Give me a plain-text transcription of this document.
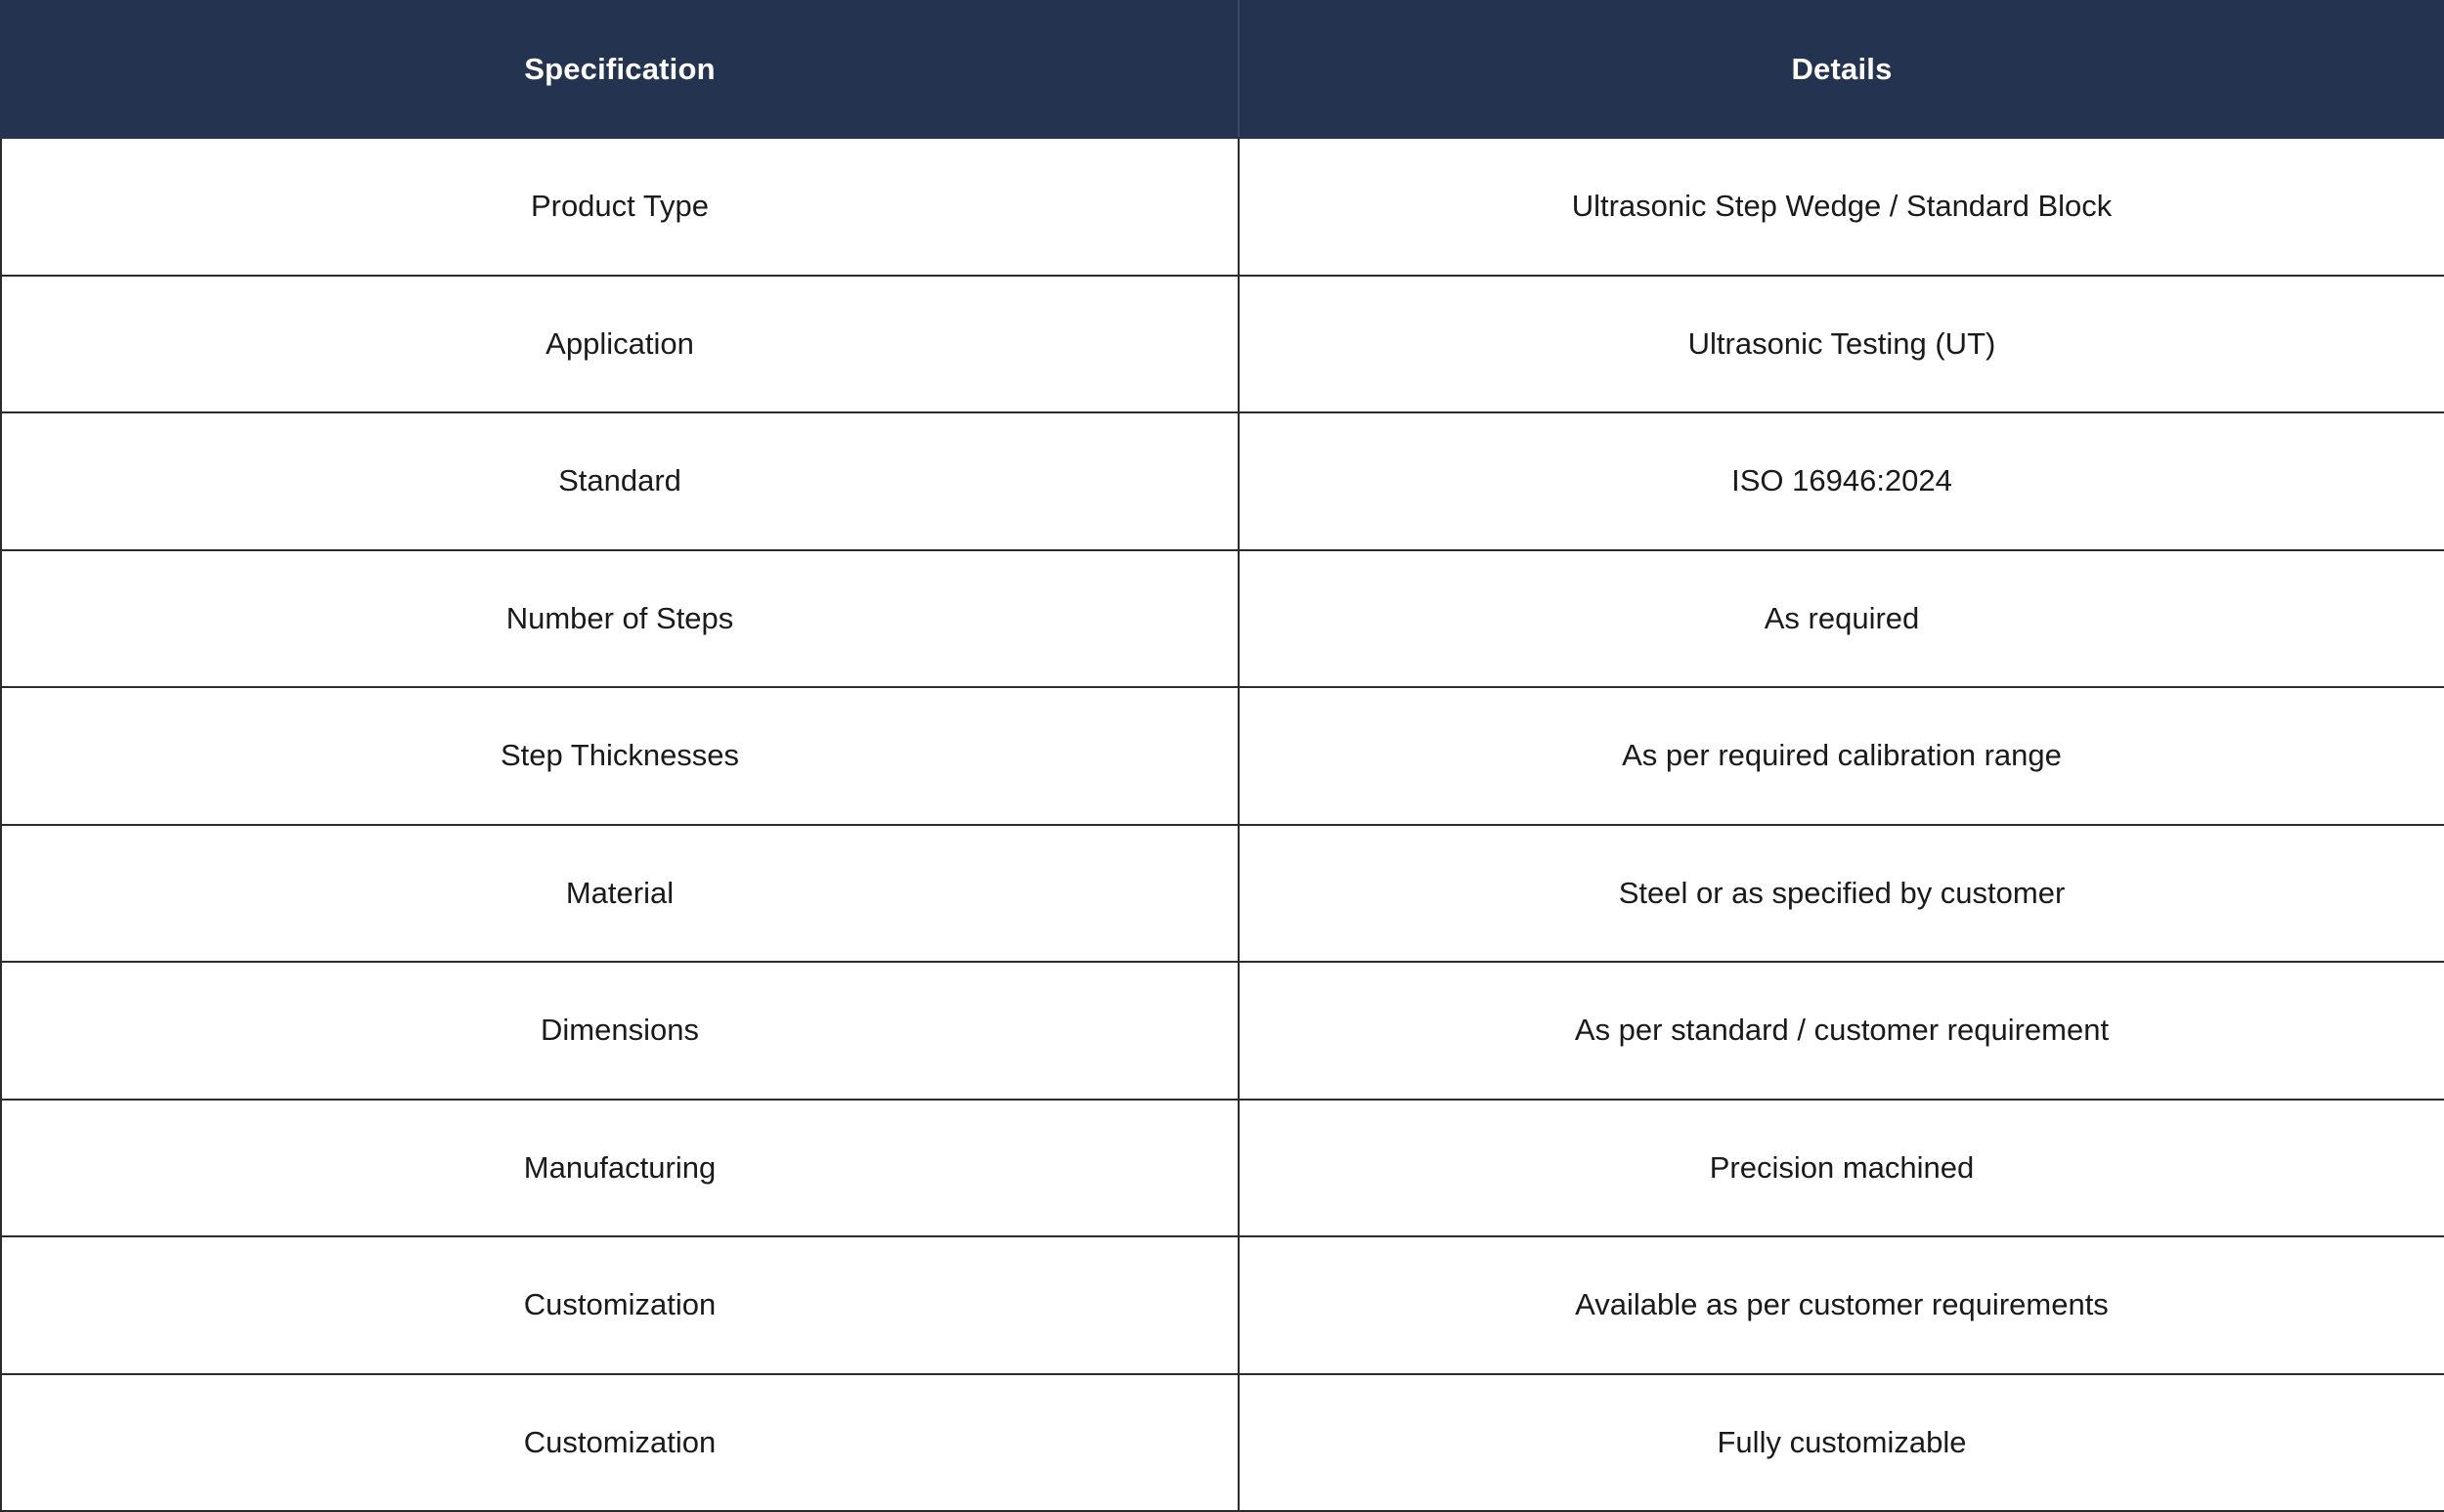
Specification	Details
Product Type	Ultrasonic Step Wedge / Standard Block
Application	Ultrasonic Testing (UT)
Standard	ISO 16946:2024
Number of Steps	As required
Step Thicknesses	As per required calibration range
Material	Steel or as specified by customer
Dimensions	As per standard / customer requirement
Manufacturing	Precision machined
Customization	Available as per customer requirements
Customization	Fully customizable
